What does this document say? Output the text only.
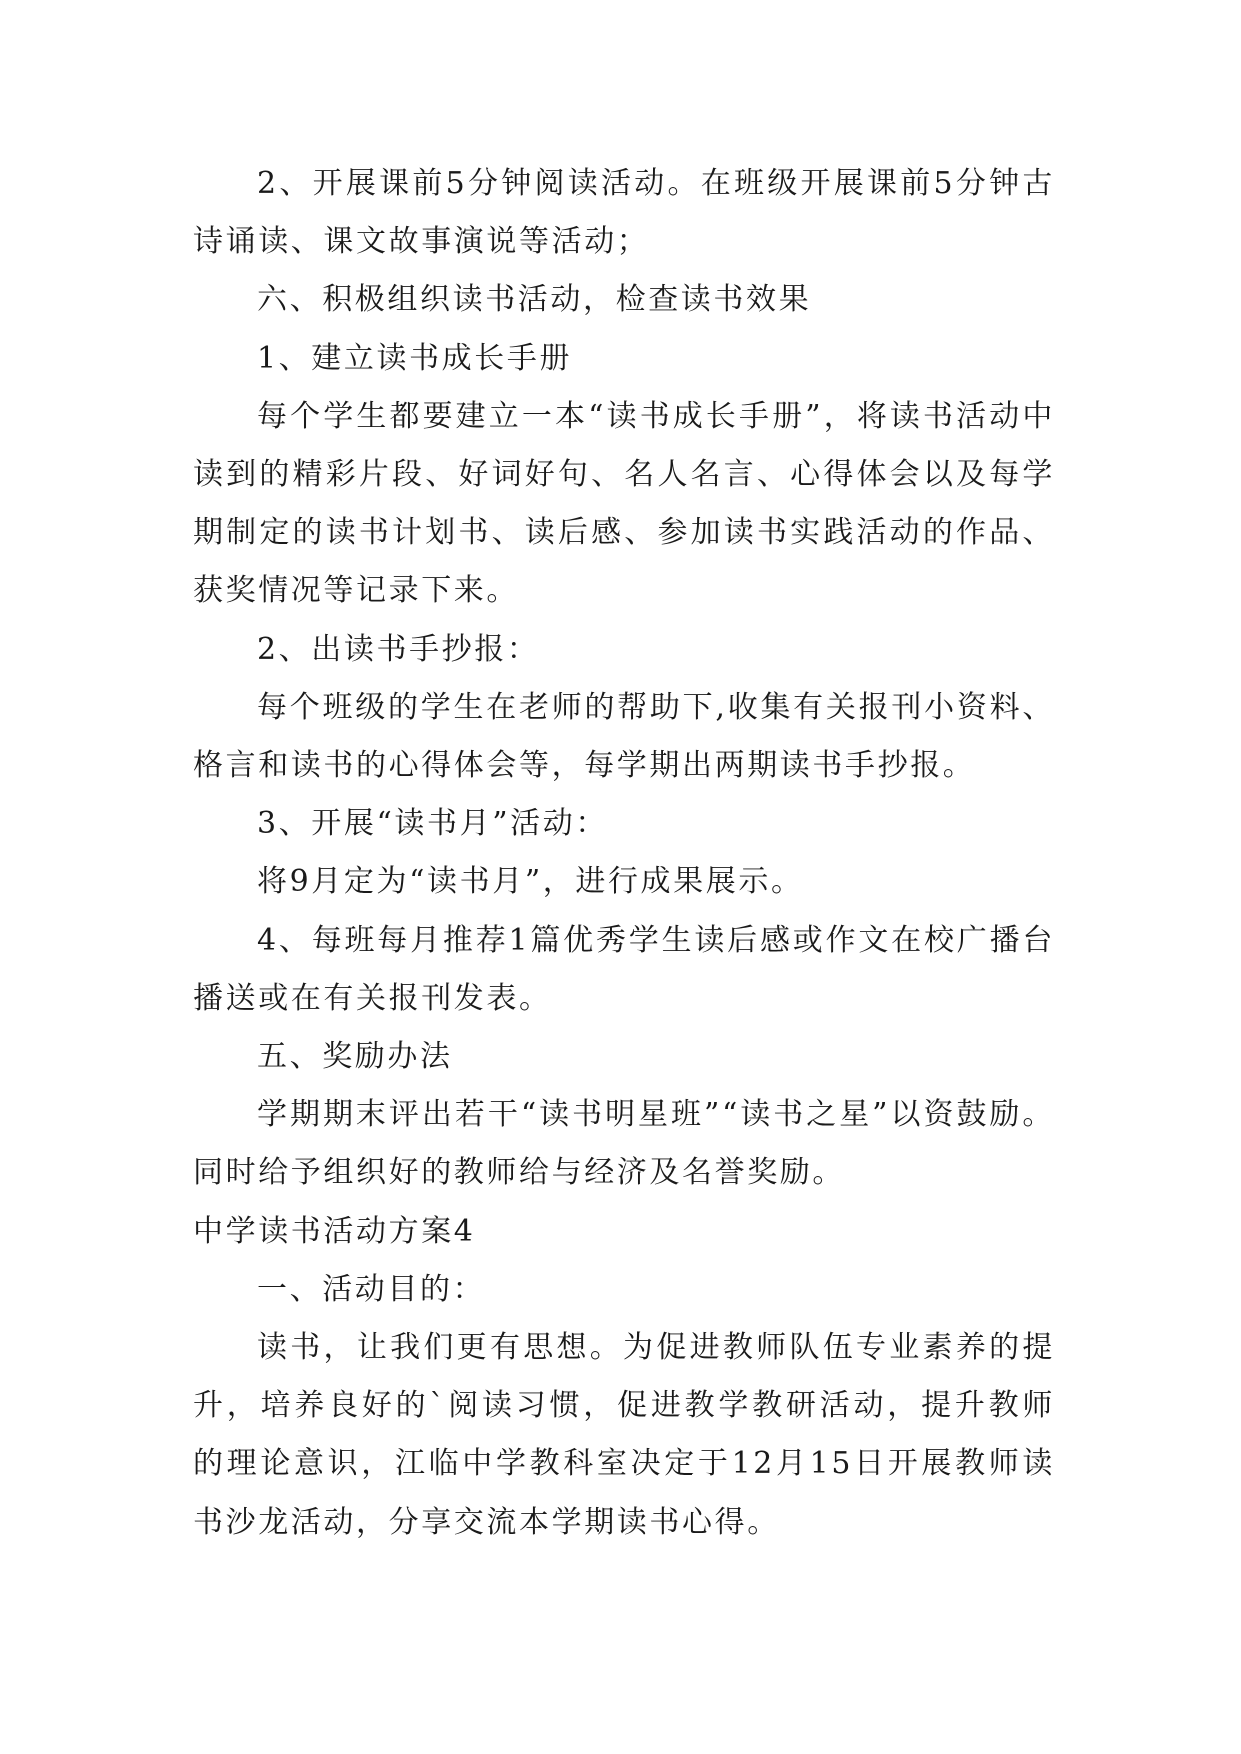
2、开展课前5分钟阅读活动。在班级开展课前5分钟古诗诵读、课文故事演说等活动；

六、积极组织读书活动，检查读书效果

1、建立读书成长手册

每个学生都要建立一本“读书成长手册”，将读书活动中读到的精彩片段、好词好句、名人名言、心得体会以及每学期制定的读书计划书、读后感、参加读书实践活动的作品、获奖情况等记录下来。

2、出读书手抄报：

每个班级的学生在老师的帮助下,收集有关报刊小资料、格言和读书的心得体会等，每学期出两期读书手抄报。

3、开展“读书月”活动：

将9月定为“读书月”，进行成果展示。

4、每班每月推荐1篇优秀学生读后感或作文在校广播台播送或在有关报刊发表。

五、奖励办法

学期期末评出若干“读书明星班”“读书之星”以资鼓励。同时给予组织好的教师给与经济及名誉奖励。

中学读书活动方案4

一、活动目的：

读书，让我们更有思想。为促进教师队伍专业素养的提升，培养良好的`阅读习惯，促进教学教研活动，提升教师的理论意识，江临中学教科室决定于12月15日开展教师读书沙龙活动，分享交流本学期读书心得。
